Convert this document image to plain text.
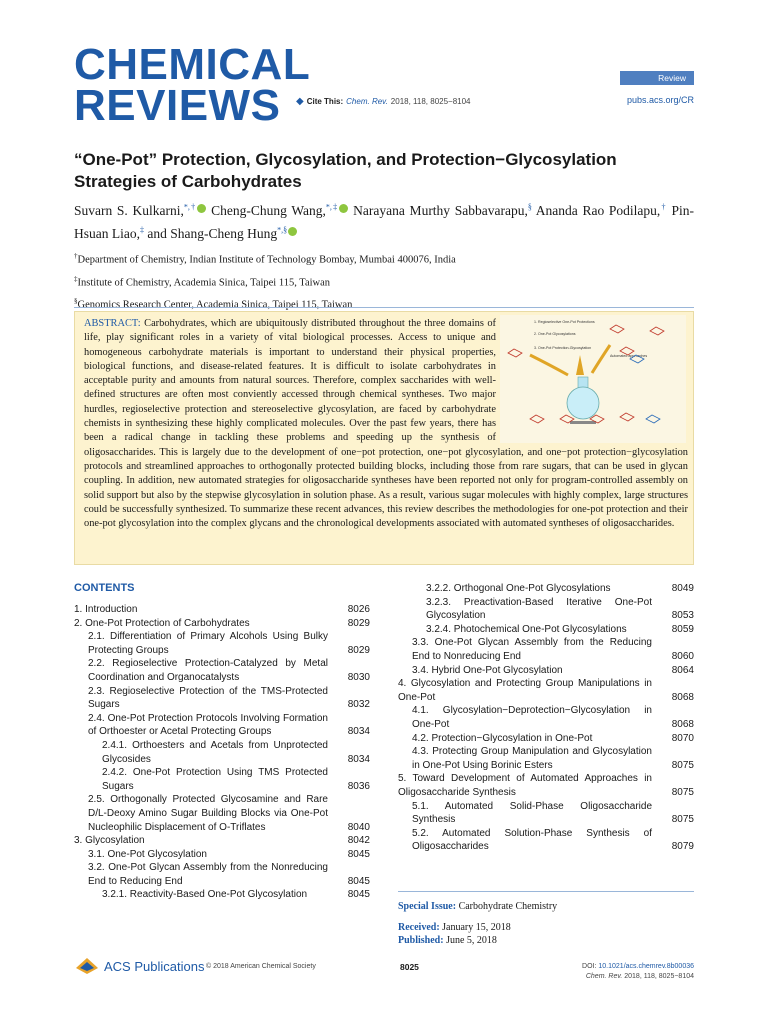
CHEMICAL
REVIEWS	◆ Cite This: Chem. Rev. 2018, 118, 8025−8104
Review
pubs.acs.org/CR
“One-Pot” Protection, Glycosylation, and Protection−Glycosylation Strategies of Carbohydrates
Suvarn S. Kulkarni,*,† Cheng-Chung Wang,*,‡ Narayana Murthy Sabbavarapu,§ Ananda Rao Podilapu,† Pin-Hsuan Liao,‡ and Shang-Cheng Hung*,§
†Department of Chemistry, Indian Institute of Technology Bombay, Mumbai 400076, India
‡Institute of Chemistry, Academia Sinica, Taipei 115, Taiwan
§Genomics Research Center, Academia Sinica, Taipei 115, Taiwan
ABSTRACT: Carbohydrates, which are ubiquitously distributed throughout the three domains of life, play significant roles in a variety of vital biological processes. Access to unique and homogeneous carbohydrate materials is important to understand their physical properties, biological functions, and disease-related features. It is difficult to isolate carbohydrates in acceptable purity and amounts from natural sources. Therefore, complex saccharides with well-defined structures are often most conviently accessed through chemical syntheses. Two major hurdles, regioselective protection and stereoselective glycosylation, are faced by carbohydrate chemists in synthesizing these highly complicated molecules. Over the past few years, there has been a radical change in tackling these problems and speeding up the synthesis of oligosaccharides. This is largely due to the development of one−pot protection, one−pot glycosylation, and one−pot protection−glycosylation protocols and streamlined approaches to orthogonally protected building blocks, including those from rare sugars, that can be used in glycan coupling. In addition, new automated strategies for oligosaccharide syntheses have been reported not only for program-controlled assembly on solid support but also by the stepwise glycosylation in solution phase. As a result, various sugar molecules with highly complex, large structures could be successfully synthesized. To summarize these recent advances, this review describes the methodologies for one-pot protection and their one-pot glycosylation into the complex glycans and the chronological developments associated with automated syntheses of oligosaccharides.
1. Regioselective One-Pot Protections
2. One-Pot Glycosylations
3. One-Pot Protection-Glycosylation
Automated approaches
CONTENTS
1. Introduction	8026
2. One-Pot Protection of Carbohydrates	8029
2.1. Differentiation of Primary Alcohols Using Bulky Protecting Groups	8029
2.2. Regioselective Protection-Catalyzed by Metal Coordination and Organocatalysts	8030
2.3. Regioselective Protection of the TMS-Protected Sugars	8032
2.4. One-Pot Protection Protocols Involving Formation of Orthoester or Acetal Protecting Groups	8034
2.4.1. Orthoesters and Acetals from Unprotected Glycosides	8034
2.4.2. One-Pot Protection Using TMS Protected Sugars	8036
2.5. Orthogonally Protected Glycosamine and Rare D/L-Deoxy Amino Sugar Building Blocks via One-Pot Nucleophilic Displacement of O-Triflates	8040
3. Glycosylation	8042
3.1. One-Pot Glycosylation	8045
3.2. One-Pot Glycan Assembly from the Nonreducing End to Reducing End	8045
3.2.1. Reactivity-Based One-Pot Glycosylation	8045
3.2.2. Orthogonal One-Pot Glycosylations	8049
3.2.3. Preactivation-Based Iterative One-Pot Glycosylation	8053
3.2.4. Photochemical One-Pot Glycosylations	8059
3.3. One-Pot Glycan Assembly from the Reducing End to Nonreducing End	8060
3.4. Hybrid One-Pot Glycosylation	8064
4. Glycosylation and Protecting Group Manipulations in One-Pot	8068
4.1. Glycosylation−Deprotection−Glycosylation in One-Pot	8068
4.2. Protection−Glycosylation in One-Pot	8070
4.3. Protecting Group Manipulation and Glycosylation in One-Pot Using Borinic Esters	8075
5. Toward Development of Automated Approaches in Oligosaccharide Synthesis	8075
5.1. Automated Solid-Phase Oligosaccharide Synthesis	8075
5.2. Automated Solution-Phase Synthesis of Oligosaccharides	8079
Special Issue: Carbohydrate Chemistry
Received: January 15, 2018
Published: June 5, 2018
ACS Publications © 2018 American Chemical Society	8025	DOI: 10.1021/acs.chemrev.8b00036
Chem. Rev. 2018, 118, 8025−8104
